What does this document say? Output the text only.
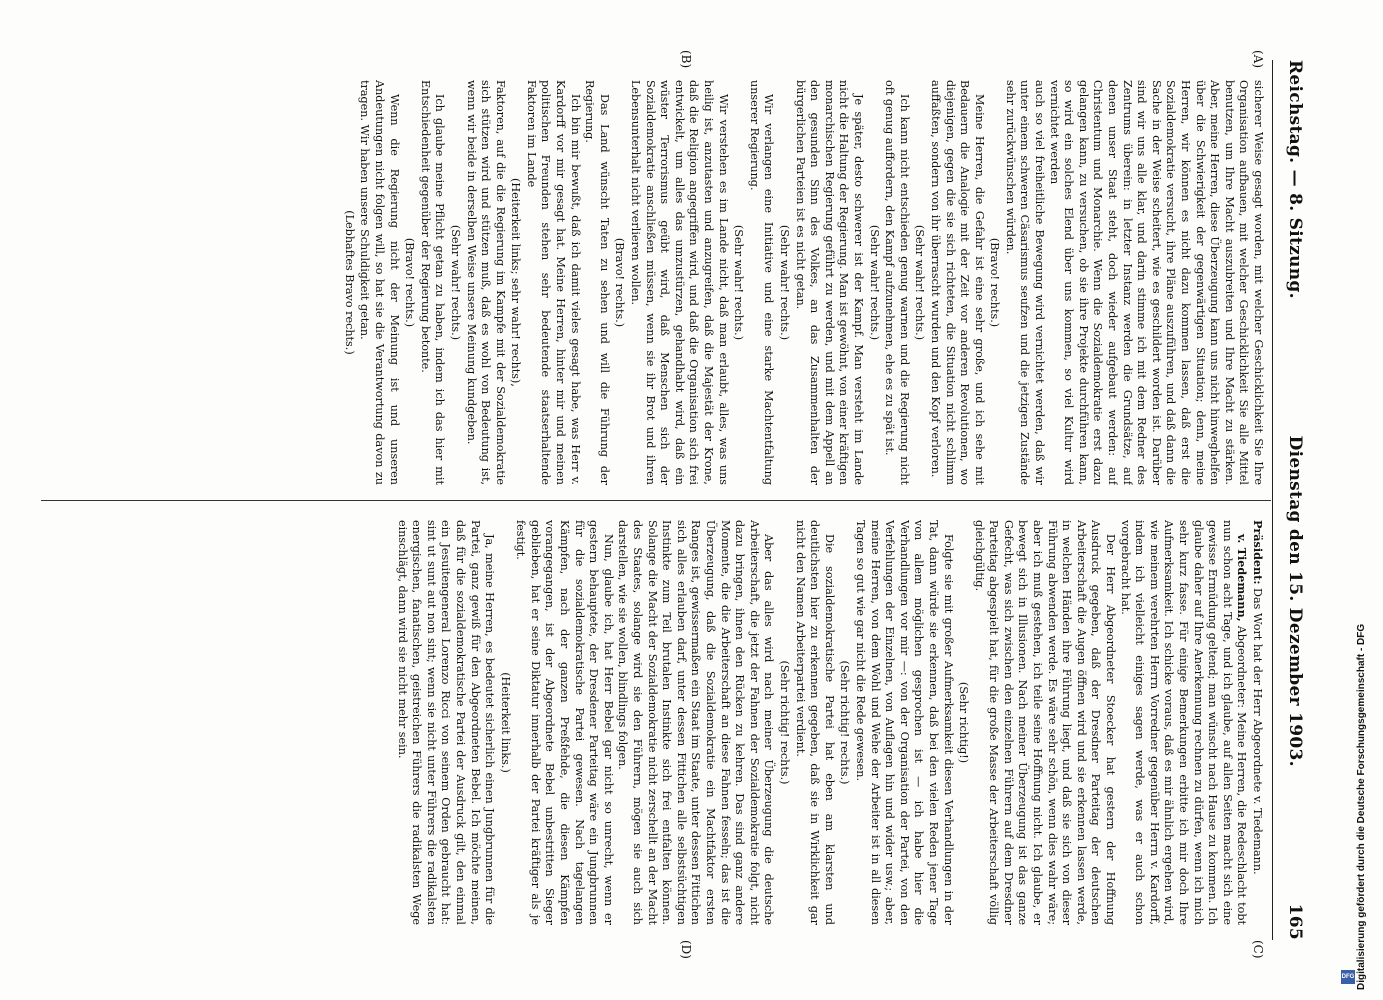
Reichstag. — 8. Sitzung.
Dienstag den 15. Dezember 1903.
165
(A)
(B)
(C)
(D)

sicherer Weise gesagt worden, mit welcher Geschicklichkeit Sie Ihre Organisation aufbauen, mit welcher Geschicklichkeit Sie alle Mittel benutzen, um Ihre Macht auszubreiten und Ihre Macht zu stärken. Aber, meine Herren, diese Überzeugung kann uns nicht hinweghelfen über die Schwierigkeit der gegenwärtigen Situation; denn, meine Herren, wir können es nicht dazu kommen lassen, daß erst die Sozialdemokratie versucht, ihre Pläne auszuführen, und daß dann die Sache in der Weise scheitert, wie es geschildert worden ist. Darüber sind wir uns alle klar, und darin stimme ich mit dem Redner des Zentrums überein: in letzter Instanz werden die Grundsätze, auf denen unser Staat steht, doch wieder aufgebaut werden: auf Christentum und Monarchie. Wenn die Sozialdemokratie erst dazu gelangen kann, zu versuchen, ob sie ihre Projekte durchführen kann, so wird ein solches Elend über uns kommen, so viel Kultur wird vernichtet werden

auch so viel freiheitliche Bewegung wird vernichtet werden, daß wir unter einem schweren Cäsarismus seufzen und die jetzigen Zustände sehr zurückwünschen würden.

(Bravo! rechts.)

Meine Herren, die Gefahr ist eine sehr große, und ich sehe mit Bedauern die Analogie mit der Zeit vor anderen Revolutionen, wo diejenigen, gegen die sie sich richteten, die Situation nicht schlimm auffaßten, sondern von ihr überrascht wurden und den Kopf verloren.

(Sehr wahr! rechts.)

Ich kann nicht entschieden genug warnen und die Regierung nicht oft genug auffordern, den Kampf aufzunehmen, ehe es zu spät ist.

(Sehr wahr! rechts.)

Je später, desto schwerer ist der Kampf. Man versteht im Lande nicht die Haltung der Regierung. Man ist gewöhnt, von einer kräftigen monarchischen Regierung geführt zu werden, und mit dem Appell an den gesunden Sinn des Volkes, an das Zusammenhalten der bürgerlichen Parteien ist es nicht getan.

(Sehr wahr! rechts.)

Wir verlangen eine Initiative und eine starke Machtentfaltung unserer Regierung.

(Sehr wahr! rechts.)

Wir verstehen es im Lande nicht, daß man erlaubt, alles, was uns heilig ist, anzutasten und anzugreifen, daß die Majestät der Krone, daß die Religion angegriffen wird, und daß die Organisation sich frei entwickelt, um alles das umzustürzen, gehandhabt wird, daß ein wüster Terrorismus geübt wird, daß Menschen sich der Sozialdemokratie anschließen müssen, wenn sie ihr Brot und ihren Lebensunterhalt nicht verlieren wollen.

(Bravo! rechts.)

Das Land wünscht Taten zu sehen und will die Führung der Regierung.

Ich bin mir bewußt, daß ich damit vieles gesagt habe, was Herr v. Kardorff vor mir gesagt hat. Meine Herren, hinter mir und meinen politischen Freunden stehen sehr bedeutende staatserhaltende Faktoren im Lande

(Heiterkeit links; sehr wahr! rechts),

Faktoren, auf die die Regierung im Kampfe mit der Sozialdemokratie sich stützen wird und stützen muß, daß es wohl von Bedeutung ist, wenn wir beide in derselben Weise unsere Meinung kundgeben.

(Sehr wahr! rechts.)

Ich glaube meine Pflicht getan zu haben, indem ich das hier mit Entschiedenheit gegenüber der Regierung betonte.

(Bravo! rechts.)

Wenn die Regierung nicht der Meinung ist und unseren Andeutungen nicht folgen will, so hat sie die Verantwortung davon zu tragen. Wir haben unsere Schuldigkeit getan.

(Lebhaftes Bravo rechts.)

Präsident: Das Wort hat der Herr Abgeordnete v. Tiedemann.

v. Tiedemann, Abgeordneter: Meine Herren, die Redeschlacht tobt nun schon acht Tage, und ich glaube, auf allen Seiten macht sich eine gewisse Ermüdung geltend; man wünscht nach Hause zu kommen. Ich glaube daher auf Ihre Anerkennung rechnen zu dürfen, wenn ich mich sehr kurz fasse. Für einige Bemerkungen erbitte ich mir doch Ihre Aufmerksamkeit. Ich schicke voraus, daß es mir ähnlich ergehen wird, wie meinem verehrten Herrn Vorredner gegenüber Herrn v. Kardorff, indem ich vielleicht einiges sagen werde, was er auch schon vorgebracht hat.

Der Herr Abgeordneter Stoecker hat gestern der Hoffnung Ausdruck gegeben, daß der Dresdner Parteitag der deutschen Arbeiterschaft die Augen öffnen wird und sie erkennen lassen werde, in welchen Händen ihre Führung liegt, und daß sie sich von dieser Führung abwenden werde. Es wäre sehr schön, wenn dies wahr wäre; aber ich muß gestehen, ich teile seine Hoffnung nicht. Ich glaube, er bewegt sich in Illusionen. Nach meiner Überzeugung ist das ganze Gefecht, was sich zwischen den einzelnen Führern auf dem Dresdner Parteitag abgespielt hat, für die große Masse der Arbeiterschaft völlig gleichgültig.

(Sehr richtig!)

Folgte sie mit großer Aufmerksamkeit diesen Verhandlungen in der Tat, dann würde sie erkennen, daß bei den vielen Reden jener Tage von allem möglichen gesprochen ist — ich habe hier die Verhandlungen vor mir —: von der Organisation der Partei, von den Verfehlungen der Einzelnen, von Auflagen hin und wider usw.; aber, meine Herren, von dem Wohl und Wehe der Arbeiter ist in all diesen Tagen so gut wie gar nicht die Rede gewesen.

(Sehr richtig! rechts.)

Die sozialdemokratische Partei hat eben am klarsten und deutlichsten hier zu erkennen gegeben, daß sie in Wirklichkeit gar nicht den Namen Arbeiterpartei verdient.

(Sehr richtig! rechts.)

Aber das alles wird nach meiner Überzeugung die deutsche Arbeiterschaft, die jetzt der Fahnen der Sozialdemokratie folgt, nicht dazu bringen, ihnen den Rücken zu kehren. Das sind ganz andere Momente, die die Arbeiterschaft an diese Fahnen fesseln; das ist die Überzeugung, daß die Sozialdemokratie ein Machtfaktor ersten Ranges ist, gewissermaßen ein Staat im Staate, unter dessen Fittichen sich alles erlauben darf, unter dessen Fittichen alle selbstsüchtigen Instinkte zum Teil brutalen Instinkte sich frei entfalten können. Solange die Macht der Sozialdemokratie nicht zerschellt an der Macht des Staates, solange wird sie den Führern, mögen sie auch sich darstellen, wie sie wollen, blindlings folgen.

Nun, glaube ich, hat Herr Bebel gar nicht so unrecht, wenn er gestern behauptete, der Dresdener Parteitag wäre ein Jungbrunnen für die sozialdemokratische Partei gewesen. Nach tagelangen Kämpfen, nach der ganzen Preßfehde, die diesen Kämpfen vorangegangen, ist der Abgeordnete Bebel unbestritten Sieger geblieben, hat er seine Diktatur innerhalb der Partei kräftiger als je festigt.

(Heiterkeit links.)

Ja, meine Herren, es bedeutet sicherlich einen Jungbrunnen für die Partei, ganz gewiß für den Abgeordneten Bebel. Ich möchte meinen, daß für die sozialdemokratische Partei der Ausdruck gilt, den einmal ein Jesuitengeneral Lorenzo Ricci von seinem Orden gebraucht hat: sint ut sunt aut non sint; wenn sie nicht unter Führers die radikalsten energischen, fanatischen, geistreichen Führers die radikalsten Wege einschlägt, dann wird sie nicht mehr sein.	Digitalisierung gefördert durch die Deutsche Forschungsgemeinschaft - DFG
DFG
